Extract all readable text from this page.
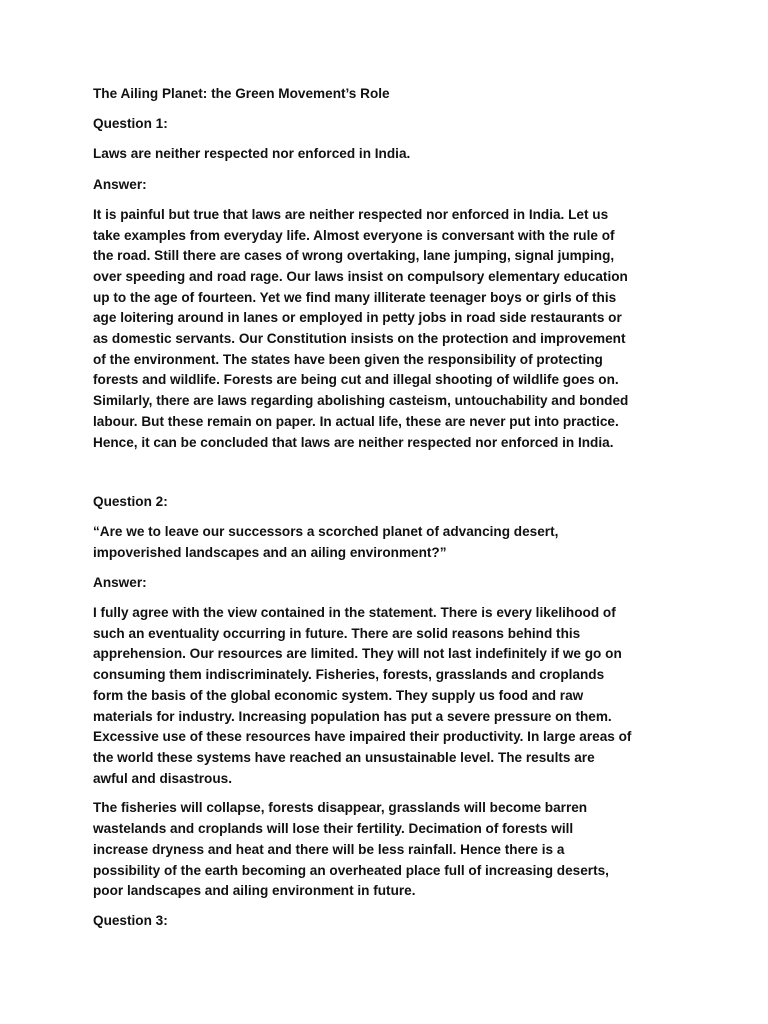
The Ailing Planet: the Green Movement’s Role

Question 1:

Laws are neither respected nor enforced in India.

Answer:

It is painful but true that laws are neither respected nor enforced in India. Let us

take examples from everyday life. Almost everyone is conversant with the rule of

the road. Still there are cases of wrong overtaking, lane jumping, signal jumping,

over speeding and road rage. Our laws insist on compulsory elementary education

up to the age of fourteen. Yet we find many illiterate teenager boys or girls of this

age loitering around in lanes or employed in petty jobs in road side restaurants or

as domestic servants. Our Constitution insists on the protection and improvement

of the environment. The states have been given the responsibility of protecting

forests and wildlife. Forests are being cut and illegal shooting of wildlife goes on.

Similarly, there are laws regarding abolishing casteism, untouchability and bonded

labour. But these remain on paper. In actual life, these are never put into practice.

Hence, it can be concluded that laws are neither respected nor enforced in India.

Question 2:

“Are we to leave our successors a scorched planet of advancing desert,

impoverished landscapes and an ailing environment?”

Answer:

I fully agree with the view contained in the statement. There is every likelihood of

such an eventuality occurring in future. There are solid reasons behind this

apprehension. Our resources are limited. They will not last indefinitely if we go on

consuming them indiscriminately. Fisheries, forests, grasslands and croplands

form the basis of the global economic system. They supply us food and raw

materials for industry. Increasing population has put a severe pressure on them.

Excessive use of these resources have impaired their productivity. In large areas of

the world these systems have reached an unsustainable level. The results are

awful and disastrous.

The fisheries will collapse, forests disappear, grasslands will become barren

wastelands and croplands will lose their fertility. Decimation of forests will

increase dryness and heat and there will be less rainfall. Hence there is a

possibility of the earth becoming an overheated place full of increasing deserts,

poor landscapes and ailing environment in future.

Question 3:
